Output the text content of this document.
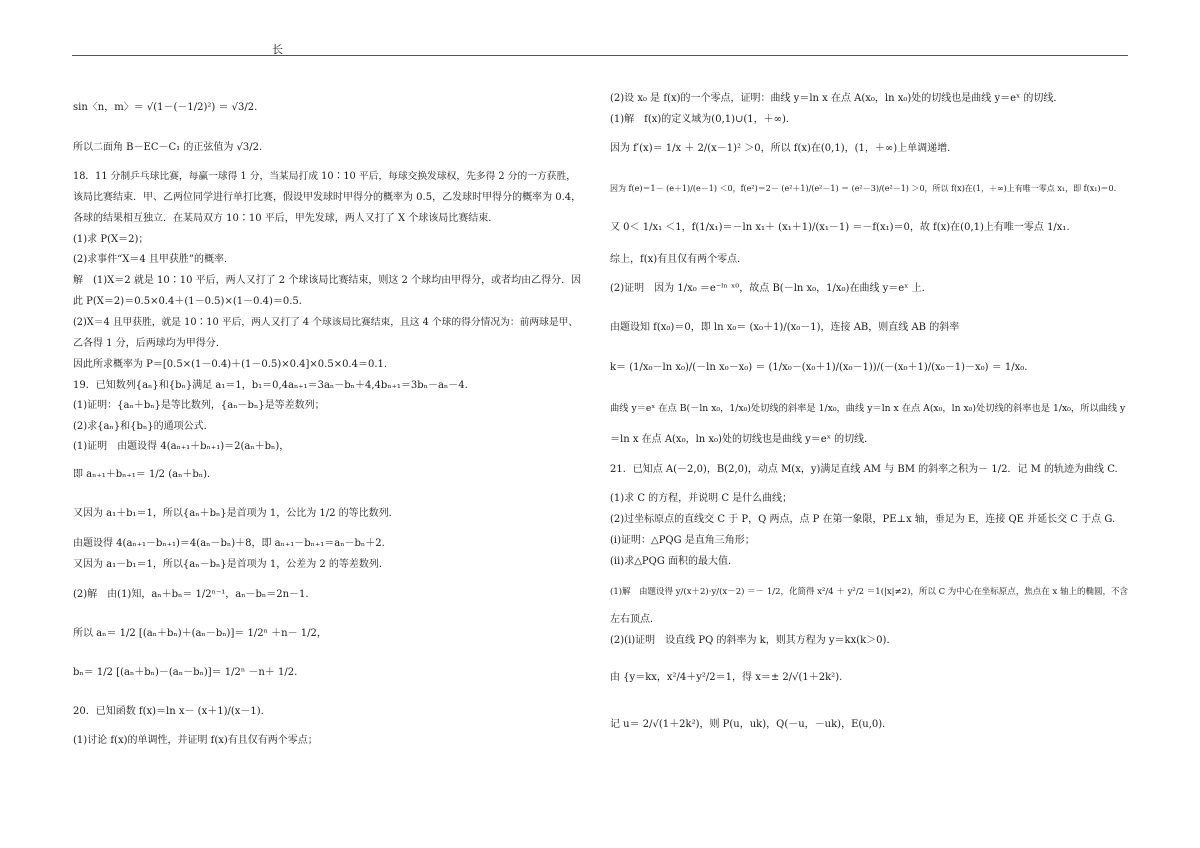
长
sin〈n，m〉＝ √(1－(－1/2)²) ＝ √3/2.
所以二面角 B－EC－C₁ 的正弦值为 √3/2.
18．11 分制乒乓球比赛，每赢一球得 1 分，当某局打成 10∶10 平后，每球交换发球权，先多得 2 分的一方获胜，
该局比赛结束．甲、乙两位同学进行单打比赛，假设甲发球时甲得分的概率为 0.5，乙发球时甲得分的概率为 0.4，
各球的结果相互独立．在某局双方 10∶10 平后，甲先发球，两人又打了 X 个球该局比赛结束．
(1)求 P(X＝2)；
(2)求事件“X＝4 且甲获胜”的概率．
解　(1)X＝2 就是 10∶10 平后，两人又打了 2 个球该局比赛结束，则这 2 个球均由甲得分，或者均由乙得分．因
此 P(X＝2)＝0.5×0.4＋(1－0.5)×(1－0.4)＝0.5.
(2)X＝4 且甲获胜，就是 10∶10 平后，两人又打了 4 个球该局比赛结束，且这 4 个球的得分情况为：前两球是甲、
乙各得 1 分，后两球均为甲得分．
因此所求概率为 P＝[0.5×(1－0.4)＋(1－0.5)×0.4]×0.5×0.4＝0.1.
19．已知数列{aₙ}和{bₙ}满足 a₁＝1，b₁＝0,4aₙ₊₁＝3aₙ－bₙ＋4,4bₙ₊₁＝3bₙ－aₙ－4.
(1)证明：{aₙ＋bₙ}是等比数列，{aₙ－bₙ}是等差数列；
(2)求{aₙ}和{bₙ}的通项公式．
(1)证明　由题设得 4(aₙ₊₁＋bₙ₊₁)＝2(aₙ＋bₙ)，
即 aₙ₊₁＋bₙ₊₁＝ 1/2 (aₙ＋bₙ)．
又因为 a₁＋b₁＝1，所以{aₙ＋bₙ}是首项为 1，公比为 1/2 的等比数列．
由题设得 4(aₙ₊₁－bₙ₊₁)＝4(aₙ－bₙ)＋8，即 aₙ₊₁－bₙ₊₁＝aₙ－bₙ＋2.
又因为 a₁－b₁＝1，所以{aₙ－bₙ}是首项为 1，公差为 2 的等差数列．
(2)解　由(1)知，aₙ＋bₙ＝ 1/2ⁿ⁻¹，aₙ－bₙ＝2n－1.
所以 aₙ＝ 1/2 [(aₙ＋bₙ)＋(aₙ－bₙ)]＝ 1/2ⁿ ＋n－ 1/2，
bₙ＝ 1/2 [(aₙ＋bₙ)－(aₙ－bₙ)]＝ 1/2ⁿ －n＋ 1/2.
20．已知函数 f(x)＝ln x－ (x＋1)/(x－1).
(1)讨论 f(x)的单调性，并证明 f(x)有且仅有两个零点；
(2)设 x₀ 是 f(x)的一个零点，证明：曲线 y＝ln x 在点 A(x₀，ln x₀)处的切线也是曲线 y＝eˣ 的切线．
(1)解　f(x)的定义域为(0,1)∪(1，＋∞)．
因为 f′(x)＝ 1/x ＋ 2/(x－1)² ＞0，所以 f(x)在(0,1)，(1，＋∞)上单调递增．
因为 f(e)＝1－ (e＋1)/(e－1) ＜0，f(e²)＝2－ (e²＋1)/(e²－1) ＝ (e²－3)/(e²－1) ＞0，所以 f(x)在(1，＋∞)上有唯一零点 x₁，即 f(x₁)＝0.
又 0＜ 1/x₁ ＜1，f(1/x₁)＝－ln x₁＋ (x₁＋1)/(x₁－1) ＝－f(x₁)＝0，故 f(x)在(0,1)上有唯一零点 1/x₁.
综上，f(x)有且仅有两个零点．
(2)证明　因为 1/x₀ ＝e⁻ˡⁿ ˣ⁰，故点 B(－ln x₀，1/x₀)在曲线 y＝eˣ 上．
由题设知 f(x₀)＝0，即 ln x₀＝ (x₀＋1)/(x₀－1)，连接 AB，则直线 AB 的斜率
k＝ (1/x₀－ln x₀)/(－ln x₀－x₀) ＝ (1/x₀－(x₀＋1)/(x₀－1))/(－(x₀＋1)/(x₀－1)－x₀) ＝ 1/x₀.
曲线 y＝eˣ 在点 B(－ln x₀，1/x₀)处切线的斜率是 1/x₀，曲线 y＝ln x 在点 A(x₀，ln x₀)处切线的斜率也是 1/x₀，所以曲线 y
＝ln x 在点 A(x₀，ln x₀)处的切线也是曲线 y＝eˣ 的切线．
21．已知点 A(－2,0)，B(2,0)，动点 M(x，y)满足直线 AM 与 BM 的斜率之积为－ 1/2．记 M 的轨迹为曲线 C.
(1)求 C 的方程，并说明 C 是什么曲线；
(2)过坐标原点的直线交 C 于 P，Q 两点，点 P 在第一象限，PE⊥x 轴，垂足为 E，连接 QE 并延长交 C 于点 G.
(ⅰ)证明：△PQG 是直角三角形；
(ⅱ)求△PQG 面积的最大值．
(1)解　由题设得 y/(x＋2)·y/(x－2) ＝－ 1/2，化简得 x²/4 ＋ y²/2 ＝1(|x|≠2)，所以 C 为中心在坐标原点，焦点在 x 轴上的椭圆，不含
左右顶点．
(2)(ⅰ)证明　设直线 PQ 的斜率为 k，则其方程为 y＝kx(k＞0)．
由 {y＝kx，x²/4＋y²/2＝1，得 x＝± 2/√(1＋2k²).
记 u＝ 2/√(1＋2k²)，则 P(u，uk)，Q(－u，－uk)，E(u,0)．
